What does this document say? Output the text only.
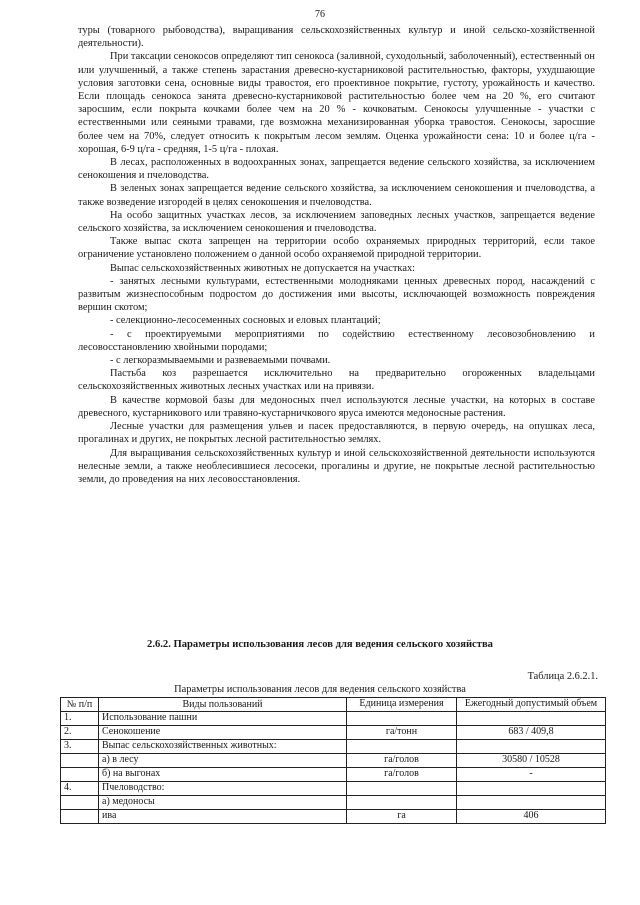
76

туры (товарного рыбоводства), выращивания сельскохозяйственных культур и иной сельско-хозяйственной деятельности).

При таксации сенокосов определяют тип сенокоса (заливной, суходольный, заболоченный), естественный он или улучшенный, а также степень зарастания древесно-кустарниковой растительностью, факторы, ухудшающие условия заготовки сена, основные виды травостоя, его проективное покрытие, густоту, урожайность и качество. Если площадь сенокоса занята древесно-кустарниковой растительностью более чем на 20 %, его считают заросшим, если покрыта кочками более чем на 20 % - кочковатым. Сенокосы улучшенные - участки с естественными или сеяными травами, где возможна механизированная уборка травостоя. Сенокосы, заросшие более чем на 70%, следует относить к покрытым лесом землям. Оценка урожайности сена: 10 и более ц/га - хорошая, 6-9 ц/га - средняя, 1-5 ц/га - плохая.

В лесах, расположенных в водоохранных зонах, запрещается ведение сельского хозяйства, за исключением сенокошения и пчеловодства.

В зеленых зонах запрещается ведение сельского хозяйства, за исключением сенокошения и пчеловодства, а также возведение изгородей в целях сенокошения и пчеловодства.

На особо защитных участках лесов, за исключением заповедных лесных участков, запрещается ведение сельского хозяйства, за исключением сенокошения и пчеловодства.

Также выпас скота запрещен на территории особо охраняемых природных территорий, если такое ограничение установлено положением о данной особо охраняемой природной территории.

Выпас сельскохозяйственных животных не допускается на участках:

- занятых лесными культурами, естественными молодняками ценных древесных пород, насаждений с развитым жизнеспособным подростом до достижения ими высоты, исключающей возможность повреждения вершин скотом;

- селекционно-лесосеменных сосновых и еловых плантаций;

- с проектируемыми мероприятиями по содействию естественному лесовозобновлению и лесовосстановлению хвойными породами;

- с легкоразмываемыми и развеваемыми почвами.

Пастьба коз разрешается исключительно на предварительно огороженных владельцами сельскохозяйственных животных лесных участках или на привязи.

В качестве кормовой базы для медоносных пчел используются лесные участки, на которых в составе древесного, кустарникового или травяно-кустарничкового яруса имеются медоносные растения.

Лесные участки для размещения ульев и пасек предоставляются, в первую очередь, на опушках леса, прогалинах и других, не покрытых лесной растительностью землях.

Для выращивания сельскохозяйственных культур и иной сельскохозяйственной деятельности используются нелесные земли, а также необлесившиеся лесосеки, прогалины и другие, не покрытые лесной растительностью земли, до проведения на них лесовосстановления.

2.6.2. Параметры использования лесов для ведения сельского хозяйства

Таблица 2.6.2.1.

Параметры использования лесов для ведения сельского хозяйства

№ п/п	Виды пользований	Единица измерения	Ежегодный допустимый объем
1.	Использование пашни		
2.	Сенокошение	га/тонн	683 / 409,8
3.	Выпас сельскохозяйственных животных:		
	а) в лесу	га/голов	30580 / 10528
	б) на выгонах	га/голов	-
4.	Пчеловодство:		
	а) медоносы		
	ива	га	406
